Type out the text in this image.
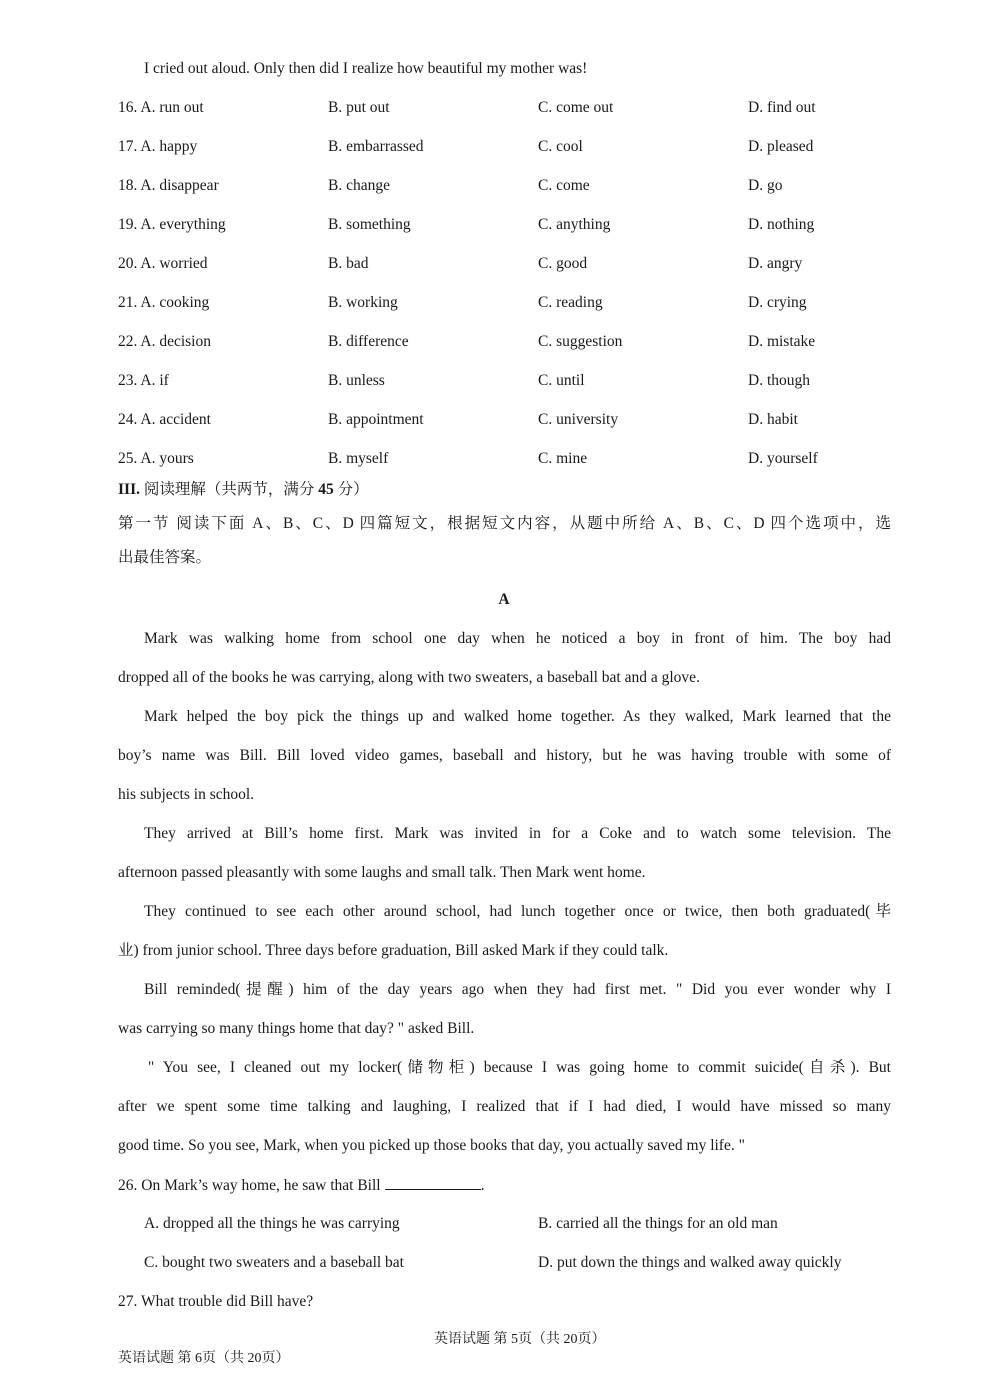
I cried out aloud. Only then did I realize how beautiful my mother was!
16. A. run out	B. put out	C. come out	D. find out
17. A. happy	B. embarrassed	C. cool	D. pleased
18. A. disappear	B. change	C. come	D. go
19. A. everything	B. something	C. anything	D. nothing
20. A. worried	B. bad	C. good	D. angry
21. A. cooking	B. working	C. reading	D. crying
22. A. decision	B. difference	C. suggestion	D. mistake
23. A. if	B. unless	C. until	D. though
24. A. accident	B. appointment	C. university	D. habit
25. A. yours	B. myself	C. mine	D. yourself
III. 阅读理解（共两节，满分 45 分）
第一节 阅读下面 A、B、C、D 四篇短文，根据短文内容，从题中所给 A、B、C、D 四个选项中，选
出最佳答案。
A
Mark was walking home from school one day when he noticed a boy in front of him. The boy had
dropped all of the books he was carrying, along with two sweaters, a baseball bat and a glove.
Mark helped the boy pick the things up and walked home together. As they walked, Mark learned that the
boy’s name was Bill. Bill loved video games, baseball and history, but he was having trouble with some of
his subjects in school.
They arrived at Bill’s home first. Mark was invited in for a Coke and to watch some television. The
afternoon passed pleasantly with some laughs and small talk. Then Mark went home.
They continued to see each other around school, had lunch together once or twice, then both graduated(毕
业) from junior school. Three days before graduation, Bill asked Mark if they could talk.
Bill reminded(提醒) him of the day years ago when they had first met. " Did you ever wonder why I
was carrying so many things home that day? " asked Bill.
" You see, I cleaned out my locker(储物柜) because I was going home to commit suicide(自杀). But
after we spent some time talking and laughing, I realized that if I had died, I would have missed so many
good time. So you see, Mark, when you picked up those books that day, you actually saved my life. "
26. On Mark’s way home, he saw that Bill	.
A. dropped all the things he was carrying	B. carried all the things for an old man
C. bought two sweaters and a baseball bat	D. put down the things and walked away quickly
27. What trouble did Bill have?
英语试题 第 5页（共 20页）
英语试题 第 6页（共 20页）
